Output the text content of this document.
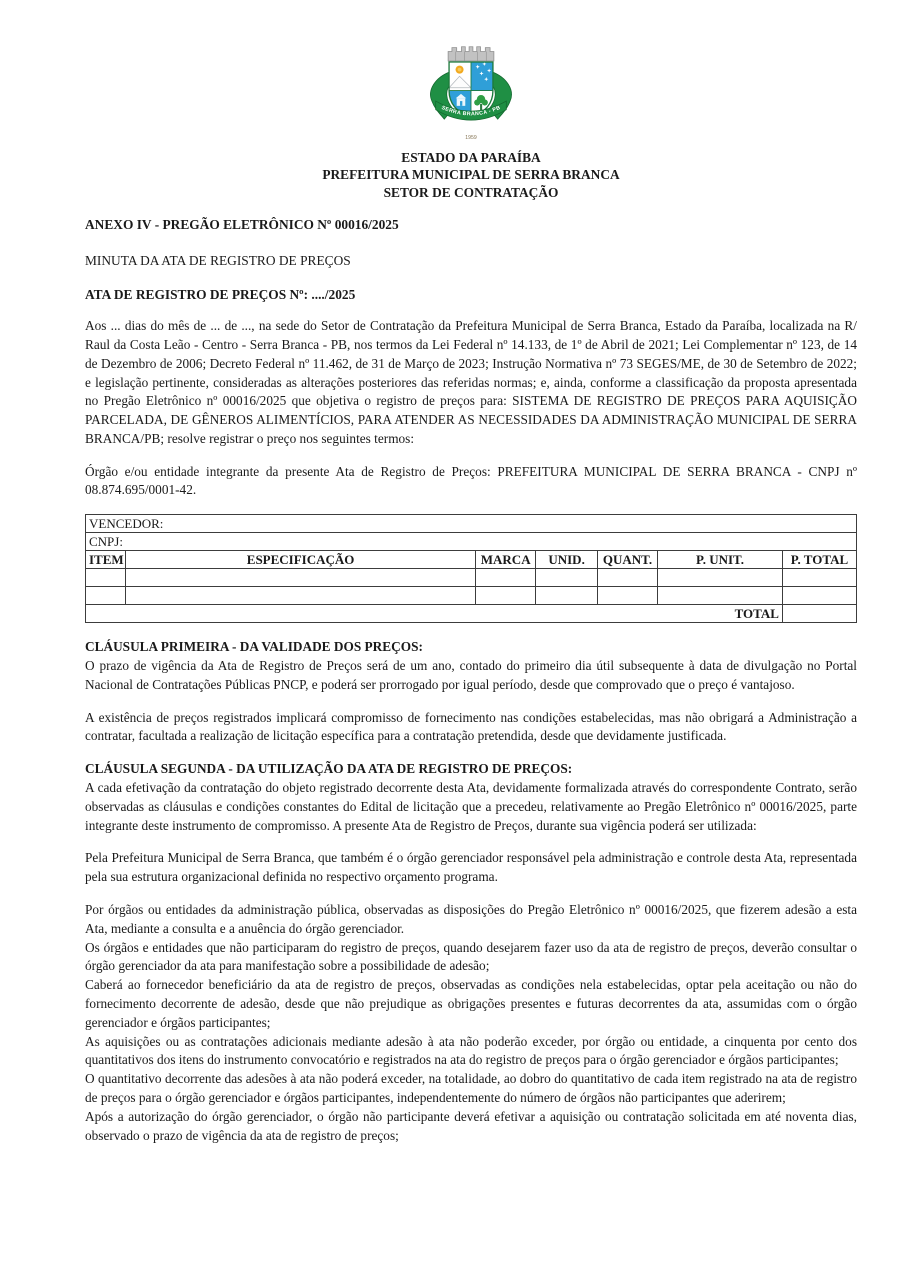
SERRA BRANCA - PB
1959
ESTADO DA PARAÍBA
PREFEITURA MUNICIPAL DE SERRA BRANCA
SETOR DE CONTRATAÇÃO

ANEXO IV - PREGÃO ELETRÔNICO Nº 00016/2025

MINUTA DA ATA DE REGISTRO DE PREÇOS

ATA DE REGISTRO DE PREÇOS Nº: ..../2025

Aos ... dias do mês de ... de ..., na sede do Setor de Contratação da Prefeitura Municipal de Serra Branca, Estado da Paraíba, localizada na R/ Raul da Costa Leão - Centro - Serra Branca - PB, nos termos da Lei Federal nº 14.133, de 1º de Abril de 2021; Lei Complementar nº 123, de 14 de Dezembro de 2006; Decreto Federal nº 11.462, de 31 de Março de 2023; Instrução Normativa nº 73 SEGES/ME, de 30 de Setembro de 2022; e legislação pertinente, consideradas as alterações posteriores das referidas normas; e, ainda, conforme a classificação da proposta apresentada no Pregão Eletrônico nº 00016/2025 que objetiva o registro de preços para: SISTEMA DE REGISTRO DE PREÇOS PARA AQUISIÇÃO PARCELADA, DE GÊNEROS ALIMENTÍCIOS, PARA ATENDER AS NECESSIDADES DA ADMINISTRAÇÃO MUNICIPAL DE SERRA BRANCA/PB; resolve registrar o preço nos seguintes termos:

Órgão e/ou entidade integrante da presente Ata de Registro de Preços: PREFEITURA MUNICIPAL DE SERRA BRANCA - CNPJ nº 08.874.695/0001-42.

VENCEDOR:						
CNPJ:						
ITEM	ESPECIFICAÇÃO	MARCA	UNID.	QUANT.	P. UNIT.	P. TOTAL

TOTAL						

CLÁUSULA PRIMEIRA - DA VALIDADE DOS PREÇOS:

O prazo de vigência da Ata de Registro de Preços será de um ano, contado do primeiro dia útil subsequente à data de divulgação no Portal Nacional de Contratações Públicas PNCP, e poderá ser prorrogado por igual período, desde que comprovado que o preço é vantajoso.

A existência de preços registrados implicará compromisso de fornecimento nas condições estabelecidas, mas não obrigará a Administração a contratar, facultada a realização de licitação específica para a contratação pretendida, desde que devidamente justificada.

CLÁUSULA SEGUNDA - DA UTILIZAÇÃO DA ATA DE REGISTRO DE PREÇOS:

A cada efetivação da contratação do objeto registrado decorrente desta Ata, devidamente formalizada através do correspondente Contrato, serão observadas as cláusulas e condições constantes do Edital de licitação que a precedeu, relativamente ao Pregão Eletrônico nº 00016/2025, parte integrante deste instrumento de compromisso. A presente Ata de Registro de Preços, durante sua vigência poderá ser utilizada:

Pela Prefeitura Municipal de Serra Branca, que também é o órgão gerenciador responsável pela administração e controle desta Ata, representada pela sua estrutura organizacional definida no respectivo orçamento programa.

Por órgãos ou entidades da administração pública, observadas as disposições do Pregão Eletrônico nº 00016/2025, que fizerem adesão a esta Ata, mediante a consulta e a anuência do órgão gerenciador.

Os órgãos e entidades que não participaram do registro de preços, quando desejarem fazer uso da ata de registro de preços, deverão consultar o órgão gerenciador da ata para manifestação sobre a possibilidade de adesão;

Caberá ao fornecedor beneficiário da ata de registro de preços, observadas as condições nela estabelecidas, optar pela aceitação ou não do fornecimento decorrente de adesão, desde que não prejudique as obrigações presentes e futuras decorrentes da ata, assumidas com o órgão gerenciador e órgãos participantes;

As aquisições ou as contratações adicionais mediante adesão à ata não poderão exceder, por órgão ou entidade, a cinquenta por cento dos quantitativos dos itens do instrumento convocatório e registrados na ata do registro de preços para o órgão gerenciador e órgãos participantes;

O quantitativo decorrente das adesões à ata não poderá exceder, na totalidade, ao dobro do quantitativo de cada item registrado na ata de registro de preços para o órgão gerenciador e órgãos participantes, independentemente do número de órgãos não participantes que aderirem;

Após a autorização do órgão gerenciador, o órgão não participante deverá efetivar a aquisição ou contratação solicitada em até noventa dias, observado o prazo de vigência da ata de registro de preços;
